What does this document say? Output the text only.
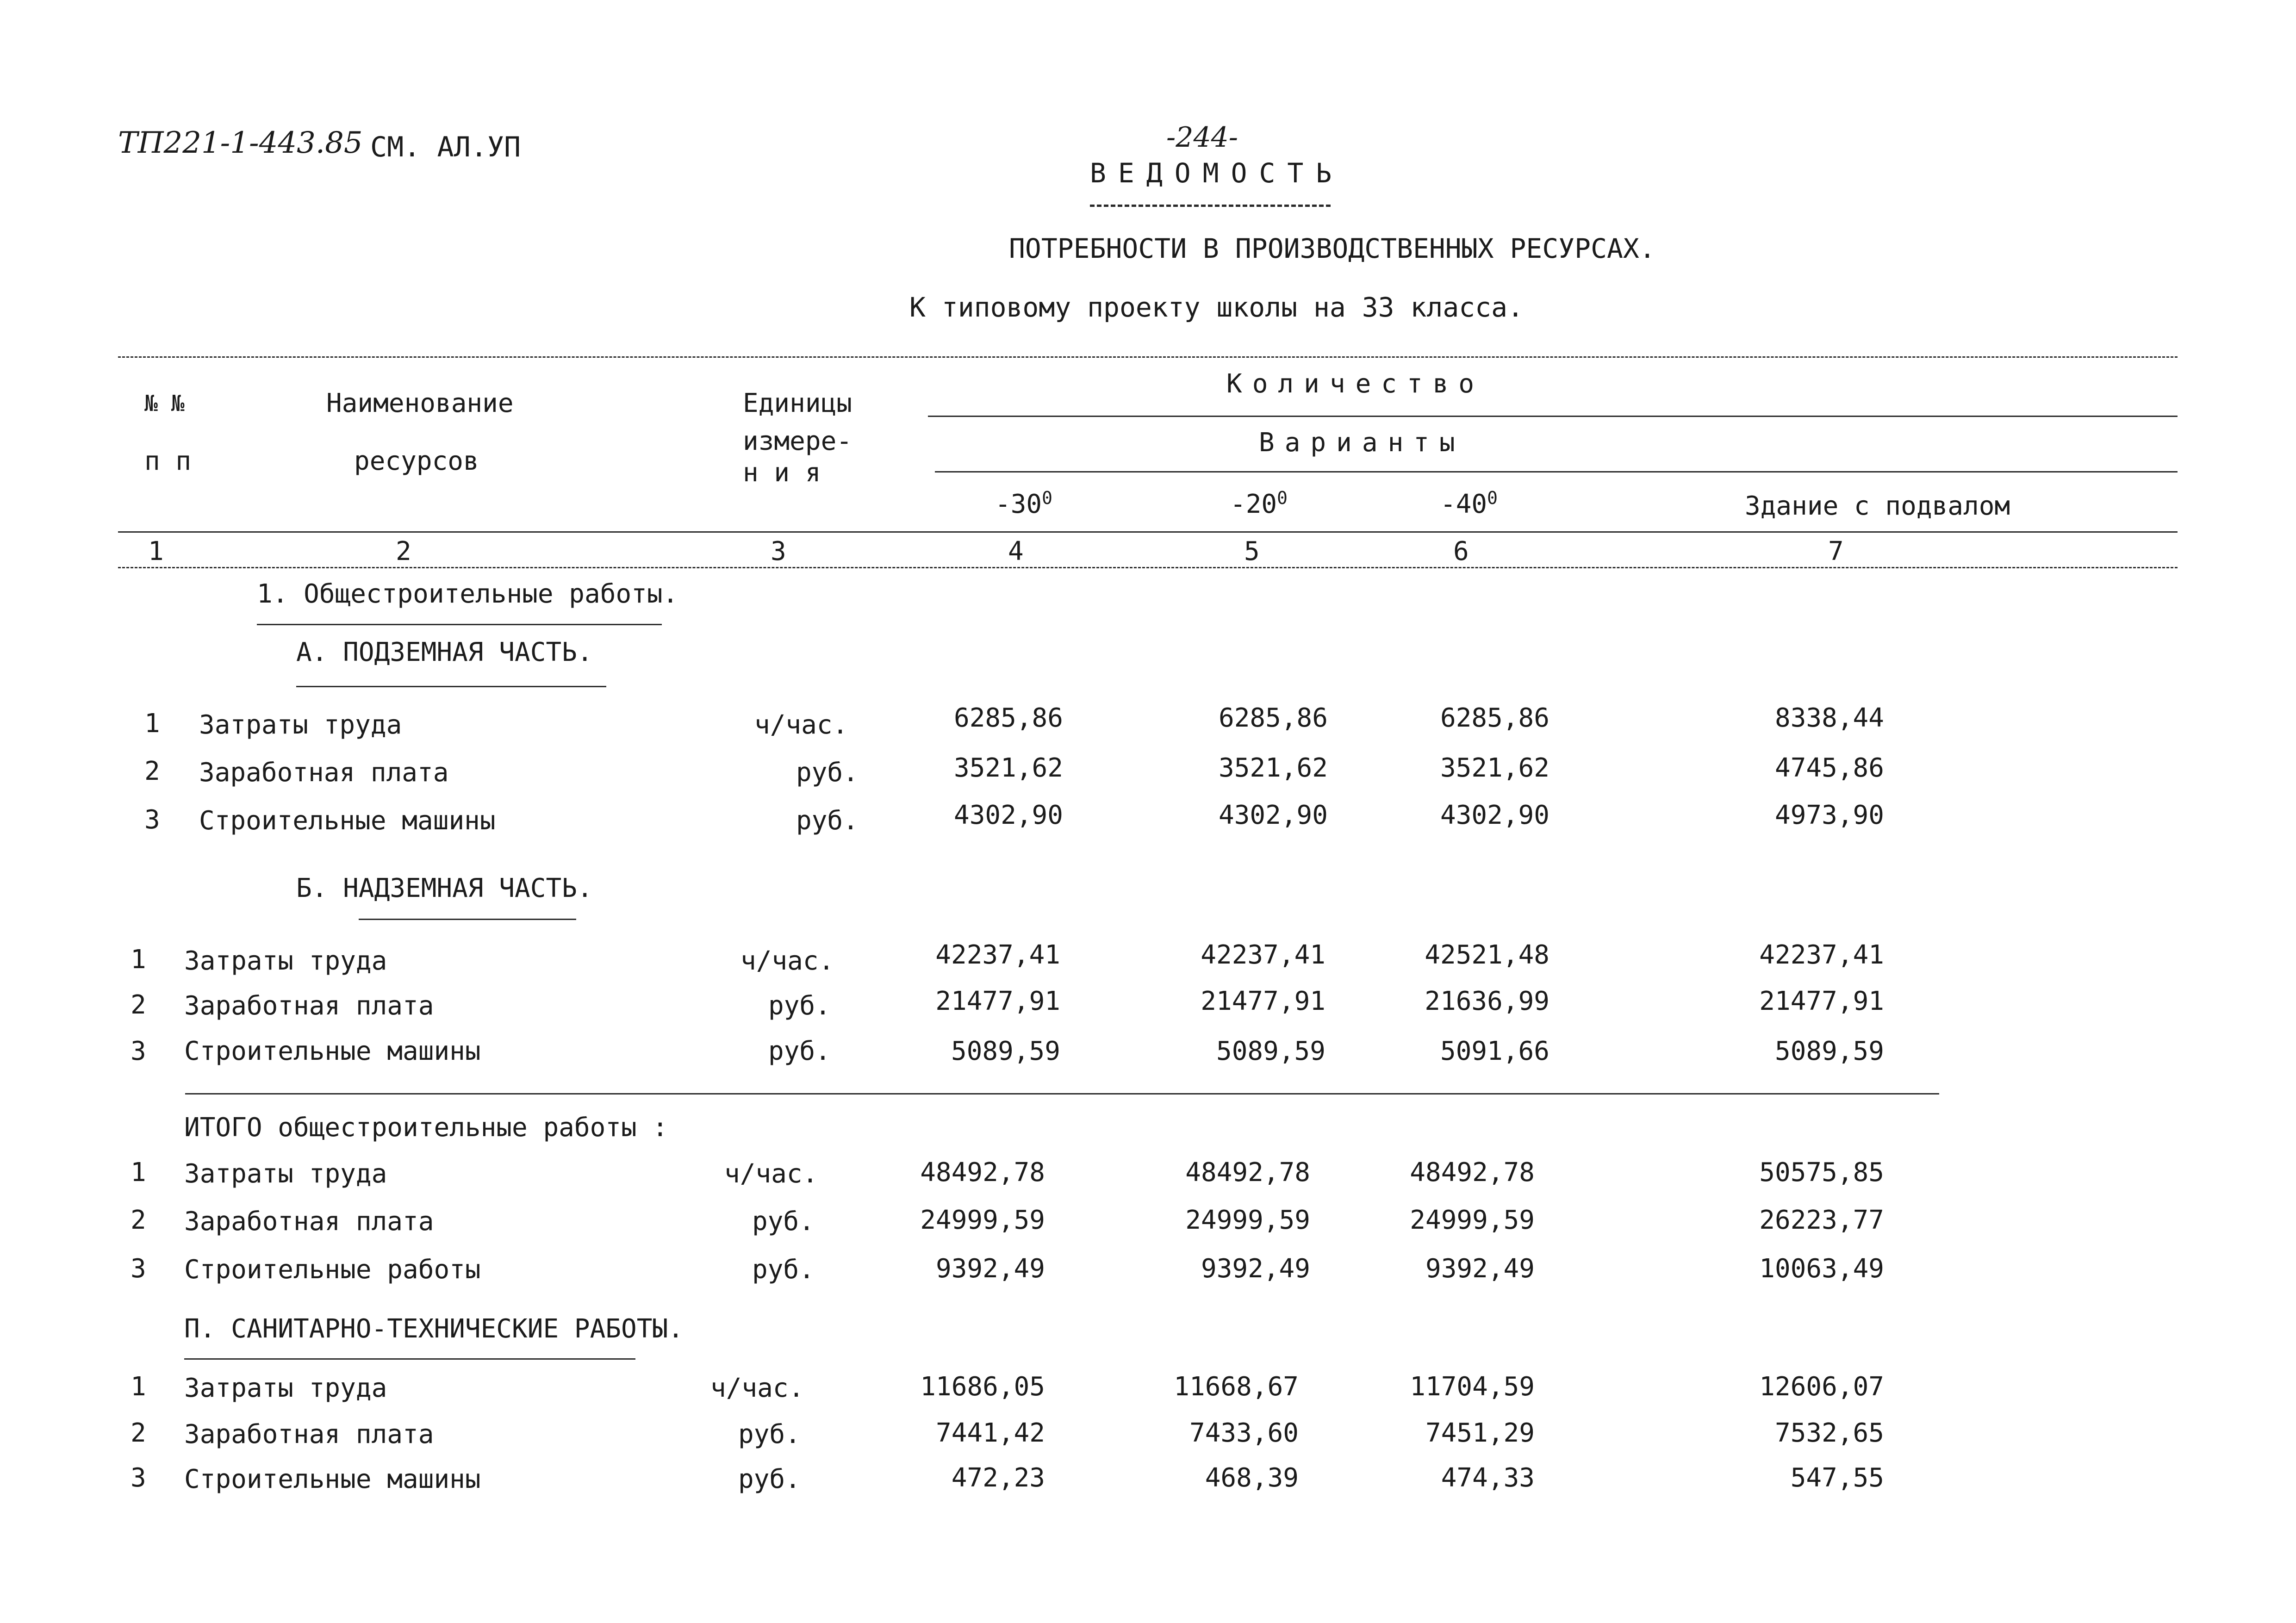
ТП221-1-443.85 СМ. АЛ.УП	-244-
ВЕДОМОСТЬ
ПОТРЕБНОСТИ В ПРОИЗВОДСТВЕННЫХ РЕСУРСАХ.
К типовому проекту школы на 33 класса.
№ №
п п
Наименование
ресурсов
Единицы
измере-
н и я
Количество
Варианты
$-30^0$	$-20^0$	$-40^0$	Здание с подвалом
1	2	3	4	5	6	7
1. Общестроительные работы.
А. ПОДЗЕМНАЯ ЧАСТЬ.
1 Затраты труда	ч/час.	6285,86	6285,86	6285,86	8338,44
2 Заработная плата	руб.	3521,62	3521,62	3521,62	4745,86
3 Строительные машины	руб.	4302,90	4302,90	4302,90	4973,90
Б. НАДЗЕМНАЯ ЧАСТЬ.
1 Затраты труда	ч/час.	42237,41	42237,41	42521,48	42237,41
2 Заработная плата	руб.	21477,91	21477,91	21636,99	21477,91
3 Строительные машины	руб.	5089,59	5089,59	5091,66	5089,59
ИТОГО общестроительные работы :
1 Затраты труда	ч/час.	48492,78	48492,78	48492,78	50575,85
2 Заработная плата	руб.	24999,59	24999,59	24999,59	26223,77
3 Строительные работы	руб.	9392,49	9392,49	9392,49	10063,49
П. САНИТАРНО-ТЕХНИЧЕСКИЕ РАБОТЫ.
1 Затраты труда	ч/час.	11686,05	11668,67	11704,59	12606,07
2 Заработная плата	руб.	7441,42	7433,60	7451,29	7532,65
3 Строительные машины	руб.	472,23	468,39	474,33	547,55
